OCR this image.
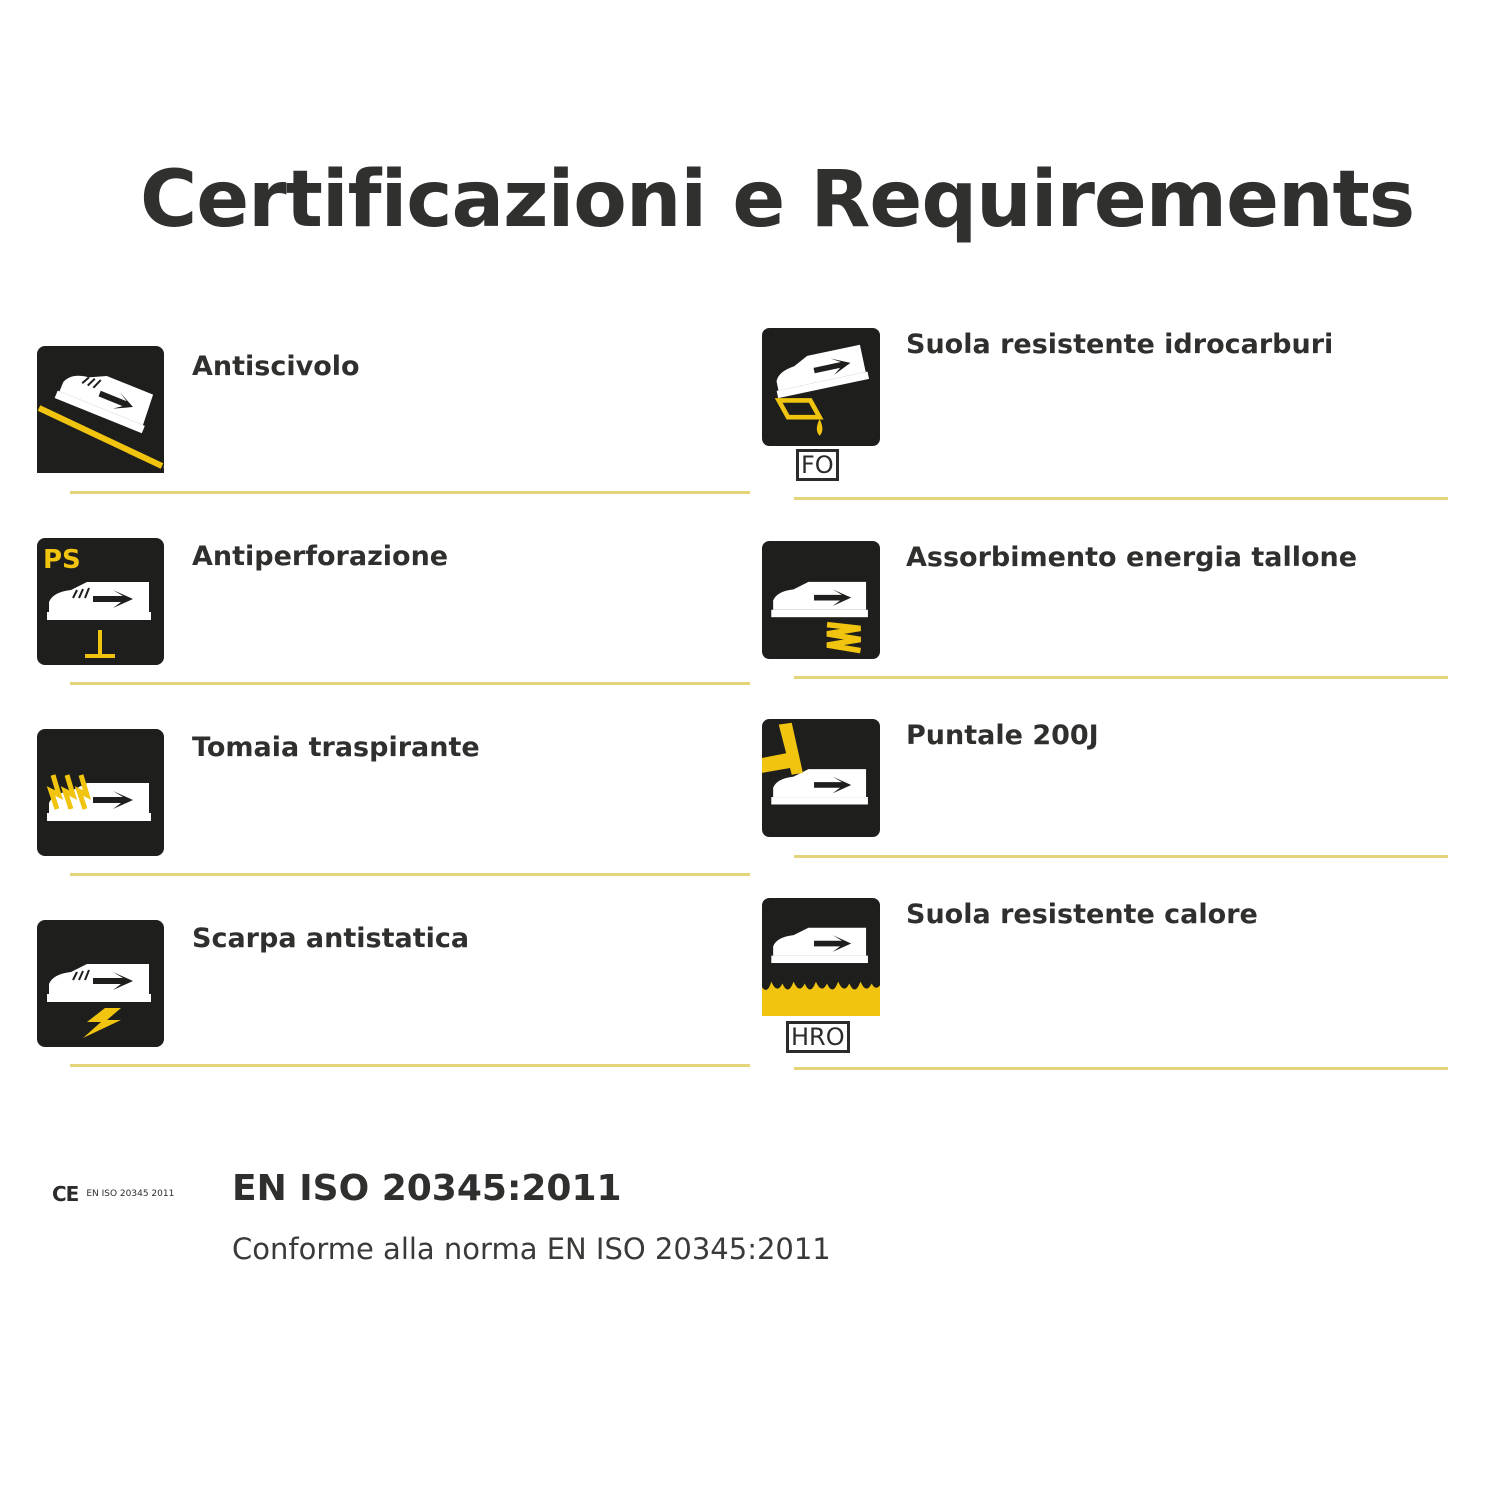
Certificazioni e Requirements
Antiscivolo
PS	Antiperforazione
Tomaia traspirante
Scarpa antistatica
FO
Suola resistente idrocarburi
Assorbimento energia tallone
Puntale 200J
HRO
Suola resistente calore
CE EN ISO 20345 2011 EN ISO 20345:2011
Conforme alla norma EN ISO 20345:2011
